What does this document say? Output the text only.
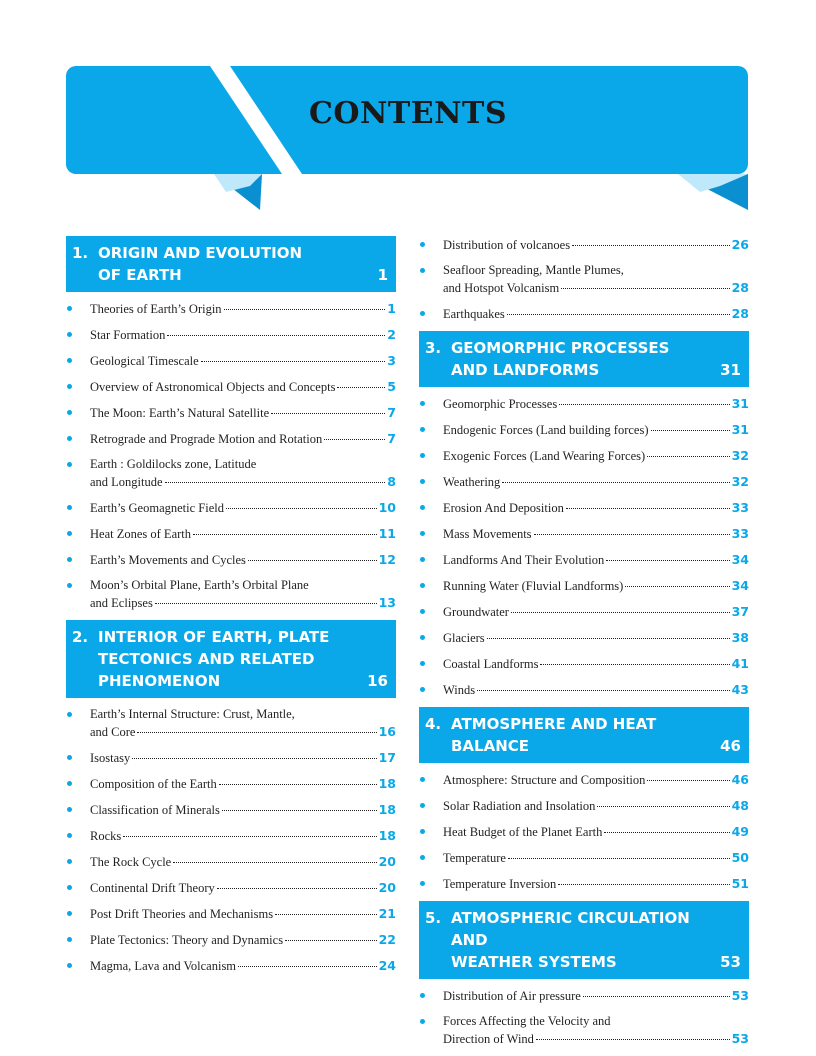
CONTENTS
1. ORIGIN AND EVOLUTION
OF EARTH	1
Theories of Earth’s Origin	1
Star Formation	2
Geological Timescale	3
Overview of Astronomical Objects and Concepts	5
The Moon: Earth’s Natural Satellite	7
Retrograde and Prograde Motion and Rotation	7
Earth : Goldilocks zone, Latitude
and Longitude	8
Earth’s Geomagnetic Field	10
Heat Zones of Earth	11
Earth’s Movements and Cycles	12
Moon’s Orbital Plane, Earth’s Orbital Plane
and Eclipses	13
2. INTERIOR OF EARTH, PLATE
TECTONICS AND RELATED
PHENOMENON	16
Earth’s Internal Structure: Crust, Mantle,
and Core	16
Isostasy	17
Composition of the Earth	18
Classification of Minerals	18
Rocks	18
The Rock Cycle	20
Continental Drift Theory	20
Post Drift Theories and Mechanisms	21
Plate Tectonics: Theory and Dynamics	22
Magma, Lava and Volcanism	24
Distribution of volcanoes	26
Seafloor Spreading, Mantle Plumes,
and Hotspot Volcanism	28
Earthquakes	28
3. GEOMORPHIC PROCESSES
AND LANDFORMS	31
Geomorphic Processes	31
Endogenic Forces (Land building forces)	31
Exogenic Forces (Land Wearing Forces)	32
Weathering	32
Erosion And Deposition	33
Mass Movements	33
Landforms And Their Evolution	34
Running Water (Fluvial Landforms)	34
Groundwater	37
Glaciers	38
Coastal Landforms	41
Winds	43
4. ATMOSPHERE AND HEAT
BALANCE	46
Atmosphere: Structure and Composition	46
Solar Radiation and Insolation	48
Heat Budget of the Planet Earth	49
Temperature	50
Temperature Inversion	51
5. ATMOSPHERIC CIRCULATION AND
WEATHER SYSTEMS	53
Distribution of Air pressure	53
Forces Affecting the Velocity and
Direction of Wind	53
